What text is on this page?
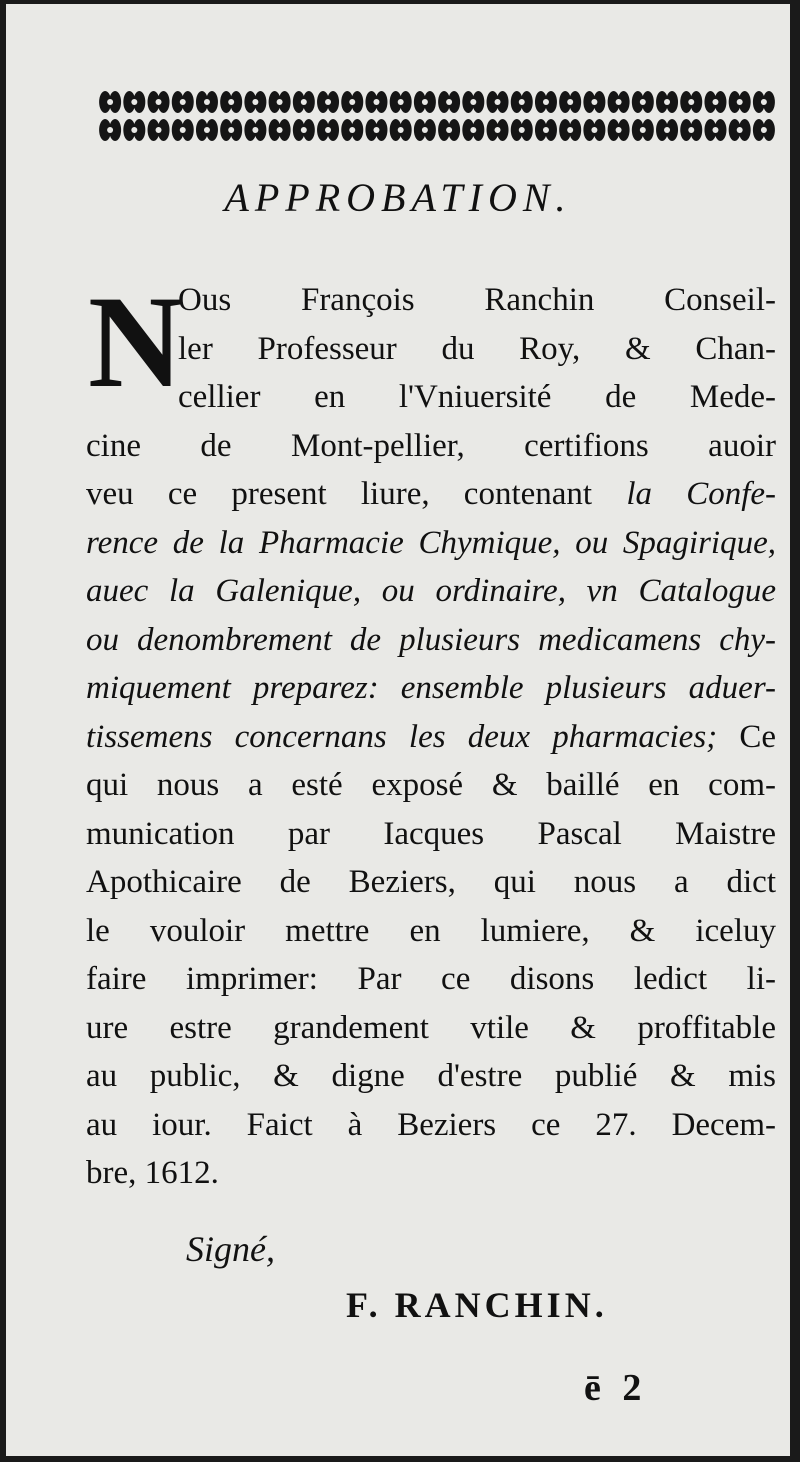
APPROBATION.
N
Ous François Ranchin Conseil-
ler Professeur du Roy, & Chan-
cellier en l'Vniuersité de Mede-
cine de Mont-pellier, certifions auoir
veu ce present liure, contenant la Confe-
rence de la Pharmacie Chymique, ou Spagirique,
auec la Galenique, ou ordinaire, vn Catalogue
ou denombrement de plusieurs medicamens chy-
miquement preparez: ensemble plusieurs aduer-
tissemens concernans les deux pharmacies; Ce
qui nous a esté exposé & baillé en com-
munication par Iacques Pascal Maistre
Apothicaire de Beziers, qui nous a dict
le vouloir mettre en lumiere, & iceluy
faire imprimer: Par ce disons ledict li-
ure estre grandement vtile & proffitable
au public, & digne d'estre publié & mis
au iour. Faict à Beziers ce 27. Decem-
bre, 1612.
Signé,
F. RANCHIN.
ē 2
